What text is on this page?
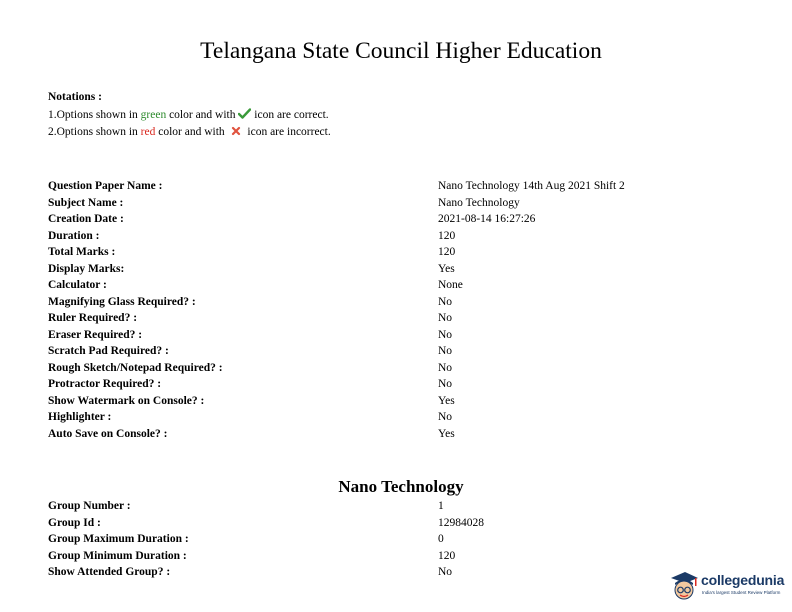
Telangana State Council Higher Education
Notations :
1.Options shown in green color and with  icon are correct.
2.Options shown in red color and with  icon are incorrect.
Question Paper Name :	Nano Technology 14th Aug 2021 Shift 2
Subject Name :	Nano Technology
Creation Date :	2021-08-14 16:27:26
Duration :	120
Total Marks :	120
Display Marks:	Yes
Calculator :	None
Magnifying Glass Required? :	No
Ruler Required? :	No
Eraser Required? :	No
Scratch Pad Required? :	No
Rough Sketch/Notepad Required? :	No
Protractor Required? :	No
Show Watermark on Console? :	Yes
Highlighter :	No
Auto Save on Console? :	Yes
Nano Technology
Group Number :	1
Group Id :	12984028
Group Maximum Duration :	0
Group Minimum Duration :	120
Show Attended Group? :	No	collegedunia
India's largest Student Review Platform
